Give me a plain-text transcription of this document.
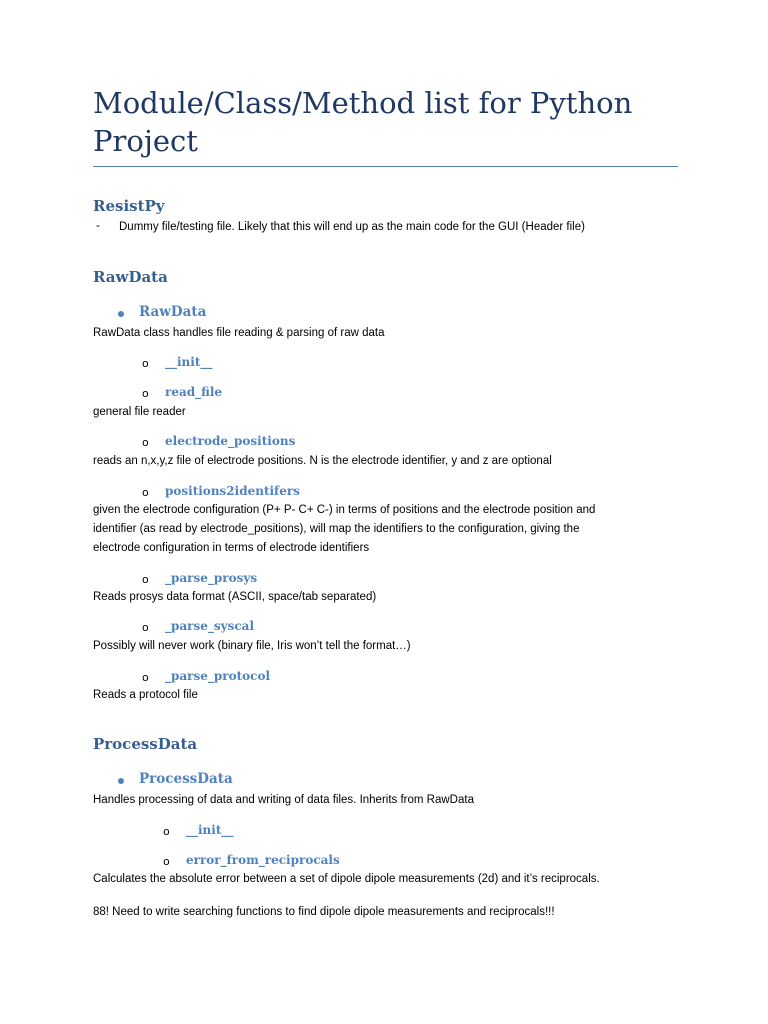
Module/Class/Method list for Python Project
ResistPy
- Dummy file/testing file. Likely that this will end up as the main code for the GUI (Header file)

RawData
RawData

RawData class handles file reading & parsing of raw data

o __init__
o read_file

general file reader

o electrode_positions

reads an n,x,y,z file of electrode positions. N is the electrode identifier, y and z are optional

o positions2identifers

given the electrode configuration (P+ P- C+ C-) in terms of positions and the electrode position and

identifier (as read by electrode_positions), will map the identifiers to the configuration, giving the

electrode configuration in terms of electrode identifiers

o _parse_prosys

Reads prosys data format (ASCII, space/tab separated)

o _parse_syscal

Possibly will never work (binary file, Iris won’t tell the format…)

o _parse_protocol

Reads a protocol file

ProcessData
ProcessData

Handles processing of data and writing of data files. Inherits from RawData

o __init__
o error_from_reciprocals

Calculates the absolute error between a set of dipole dipole measurements (2d) and it’s reciprocals.

88! Need to write searching functions to find dipole dipole measurements and reciprocals!!!
